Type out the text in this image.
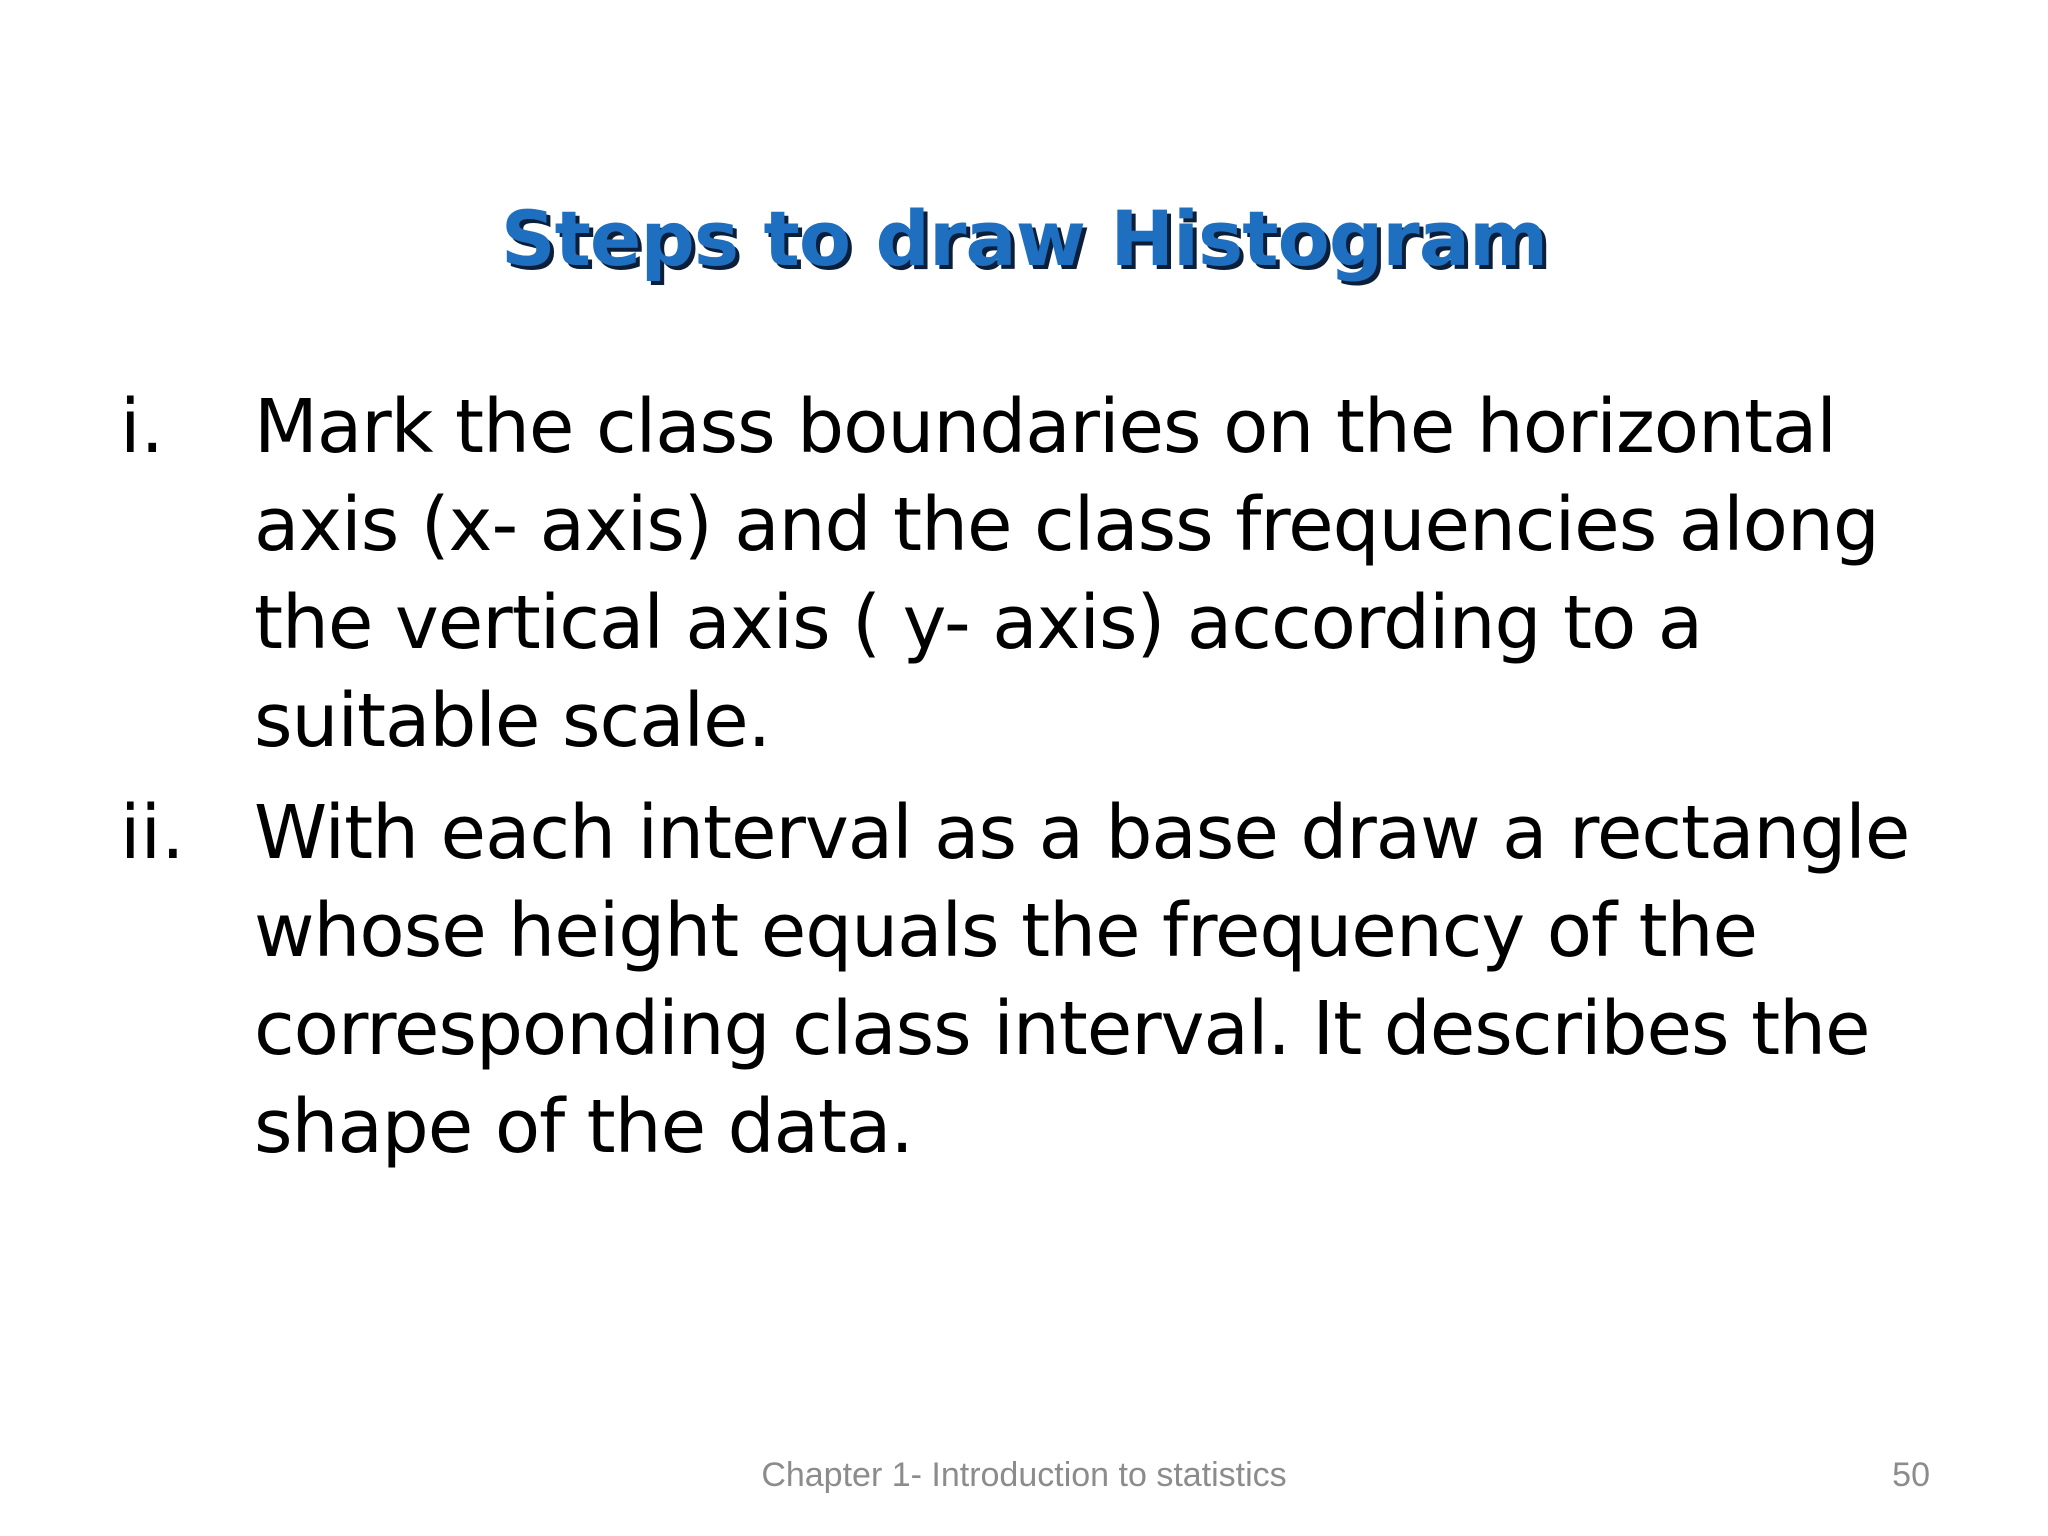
Steps to draw Histogram
i.	Mark the class boundaries on the horizontal axis (x- axis) and the class frequencies along the vertical axis ( y- axis) according to a suitable scale.
ii. With each interval as a base draw a rectangle whose height equals the frequency of the corresponding class interval. It describes the shape of the data.
Chapter 1- Introduction to statistics	50
